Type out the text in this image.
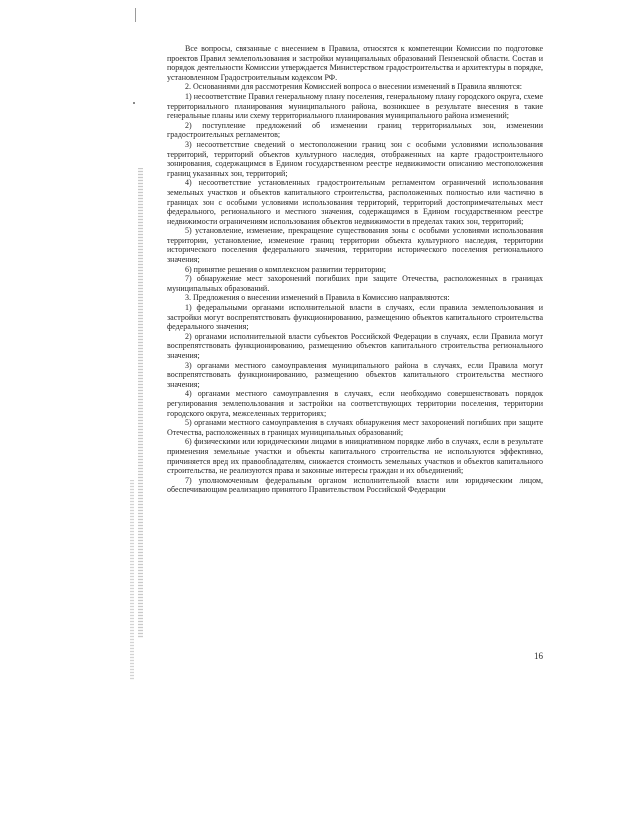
Все вопросы, связанные с внесением в Правила, относятся к компетенции Комиссии по подготовке проектов Правил землепользования и застройки муниципальных образований Пензенской области. Состав и порядок деятельности Комиссии утверждается Министерством градостроительства и архитектуры в порядке, установленном Градостроительным кодексом РФ.

2. Основаниями для рассмотрения Комиссией вопроса о внесении изменений в Правила являются:

1) несоответствие Правил генеральному плану поселения, генеральному плану городского округа, схеме территориального планирования муниципального района, возникшее в результате внесения в такие генеральные планы или схему территориального планирования муниципального района изменений;

2) поступление предложений об изменении границ территориальных зон, изменении градостроительных регламентов;

3) несоответствие сведений о местоположении границ зон с особыми условиями использования территорий, территорий объектов культурного наследия, отображенных на карте градостроительного зонирования, содержащимся в Едином государственном реестре недвижимости описанию местоположения границ указанных зон, территорий;

4) несоответствие установленных градостроительным регламентом ограничений использования земельных участков и объектов капитального строительства, расположенных полностью или частично в границах зон с особыми условиями использования территорий, территорий достопримечательных мест федерального, регионального и местного значения, содержащимся в Едином государственном реестре недвижимости ограничениям использования объектов недвижимости в пределах таких зон, территорий;

5) установление, изменение, прекращение существования зоны с особыми условиями использования территории, установление, изменение границ территории объекта культурного наследия, территории исторического поселения федерального значения, территории исторического поселения регионального значения;

6) принятие решения о комплексном развитии территории;

7) обнаружение мест захоронений погибших при защите Отечества, расположенных в границах муниципальных образований.

3. Предложения о внесении изменений в Правила в Комиссию направляются:

1) федеральными органами исполнительной власти в случаях, если правила землепользования и застройки могут воспрепятствовать функционированию, размещению объектов капитального строительства федерального значения;

2) органами исполнительной власти субъектов Российской Федерации в случаях, если Правила могут воспрепятствовать функционированию, размещению объектов капитального строительства регионального значения;

3) органами местного самоуправления муниципального района в случаях, если Правила могут воспрепятствовать функционированию, размещению объектов капитального строительства местного значения;

4) органами местного самоуправления в случаях, если необходимо совершенствовать порядок регулирования землепользования и застройки на соответствующих территории поселения, территории городского округа, межселенных территориях;

5) органами местного самоуправления в случаях обнаружения мест захоронений погибших при защите Отечества, расположенных в границах муниципальных образований;

6) физическими или юридическими лицами в инициативном порядке либо в случаях, если в результате применения земельные участки и объекты капитального строительства не используются эффективно, причиняется вред их правообладателям, снижается стоимость земельных участков и объектов капитального строительства, не реализуются права и законные интересы граждан и их объединений;

7) уполномоченным федеральным органом исполнительной власти или юридическим лицом, обеспечивающим реализацию принятого Правительством Российской Федерации

16
